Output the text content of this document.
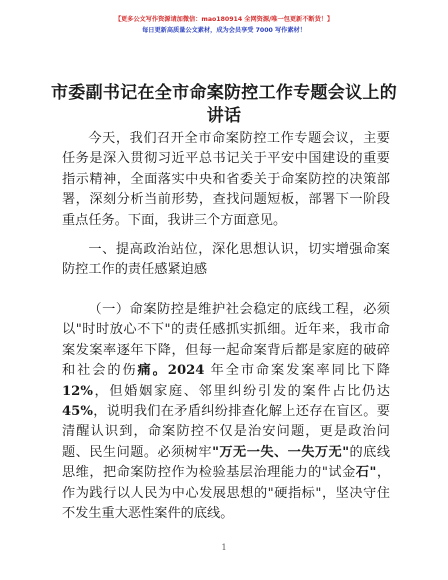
【更多公文写作资源请加微信：mao180914 全网资源/唯一包更新不断货！】
每日更新高质量公文素材，成为会员享受 7000 写作素材！
市委副书记在全市命案防控工作专题会议上的
讲话

今天，我们召开全市命案防控工作专题会议，主要任务是深入贯彻习近平总书记关于平安中国建设的重要指示精神，全面落实中央和省委关于命案防控的决策部署，深刻分析当前形势，查找问题短板，部署下一阶段重点任务。下面，我讲三个方面意见。

一、提高政治站位，深化思想认识，切实增强命案防控工作的责任感紧迫感

（一）命案防控是维护社会稳定的底线工程，必须以"时时放心不下"的责任感抓实抓细。近年来，我市命案发案率逐年下降，但每一起命案背后都是家庭的破碎和社会的伤痛。2024 年全市命案发案率同比下降 12%，但婚姻家庭、邻里纠纷引发的案件占比仍达 45%，说明我们在矛盾纠纷排查化解上还存在盲区。要清醒认识到，命案防控不仅是治安问题，更是政治问题、民生问题。必须树牢"万无一失、一失万无"的底线思维，把命案防控作为检验基层治理能力的"试金石"，作为践行以人民为中心发展思想的"硬指标"，坚决守住不发生重大恶性案件的底线。

1
